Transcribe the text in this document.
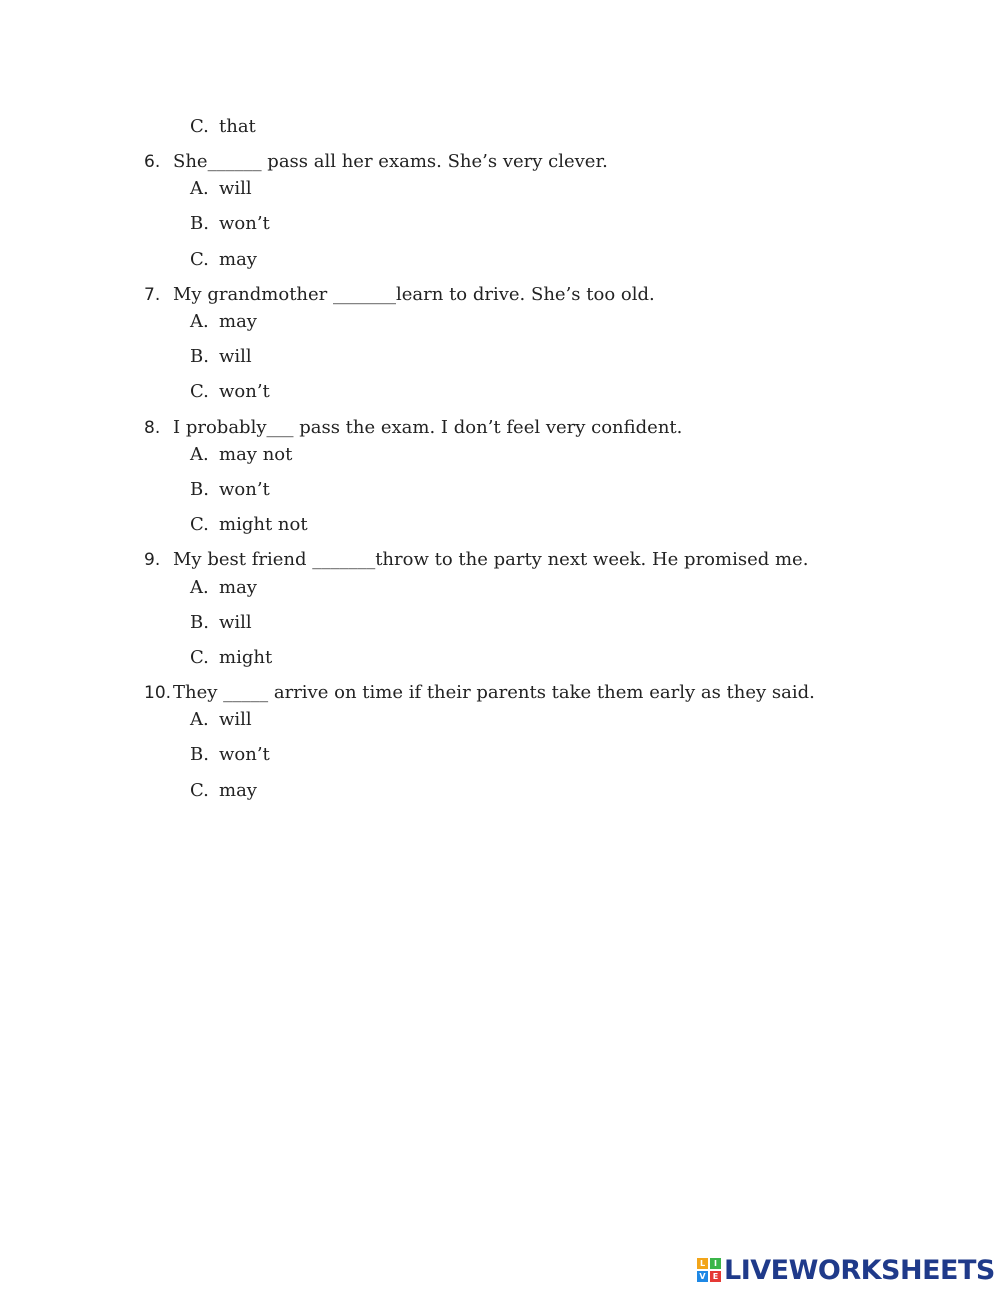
C. that
6. She______ pass all her exams. She’s very clever.
A. will
B. won’t
C. may
7. My grandmother _______learn to drive. She’s too old.
A. may
B. will
C. won’t
8. I probably___ pass the exam. I don’t feel very confident.
A. may not
B. won’t
C. might not
9. My best friend _______throw to the party next week. He promised me.
A. may
B. will
C. might
10. They _____ arrive on time if their parents take them early as they said.
A. will
B. won’t
C. may
L	I
V E LIVEWORKSHEETS
